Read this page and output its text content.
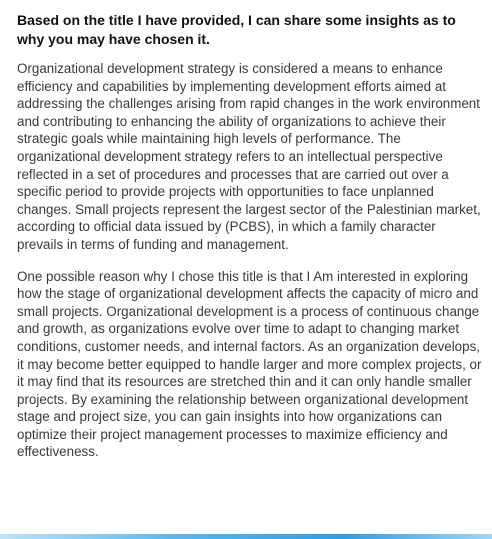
Based on the title I have provided, I can share some insights as to why you may have chosen it.

Organizational development strategy is considered a means to enhance efficiency and capabilities by implementing development efforts aimed at addressing the challenges arising from rapid changes in the work environment and contributing to enhancing the ability of organizations to achieve their strategic goals while maintaining high levels of performance. The organizational development strategy refers to an intellectual perspective reflected in a set of procedures and processes that are carried out over a specific period to provide projects with opportunities to face unplanned changes. Small projects represent the largest sector of the Palestinian market, according to official data issued by (PCBS), in which a family character prevails in terms of funding and management.

One possible reason why I chose this title is that I Am interested in exploring how the stage of organizational development affects the capacity of micro and small projects. Organizational development is a process of continuous change and growth, as organizations evolve over time to adapt to changing market conditions, customer needs, and internal factors. As an organization develops, it may become better equipped to handle larger and more complex projects, or it may find that its resources are stretched thin and it can only handle smaller projects. By examining the relationship between organizational development stage and project size, you can gain insights into how organizations can optimize their project management processes to maximize efficiency and effectiveness.
